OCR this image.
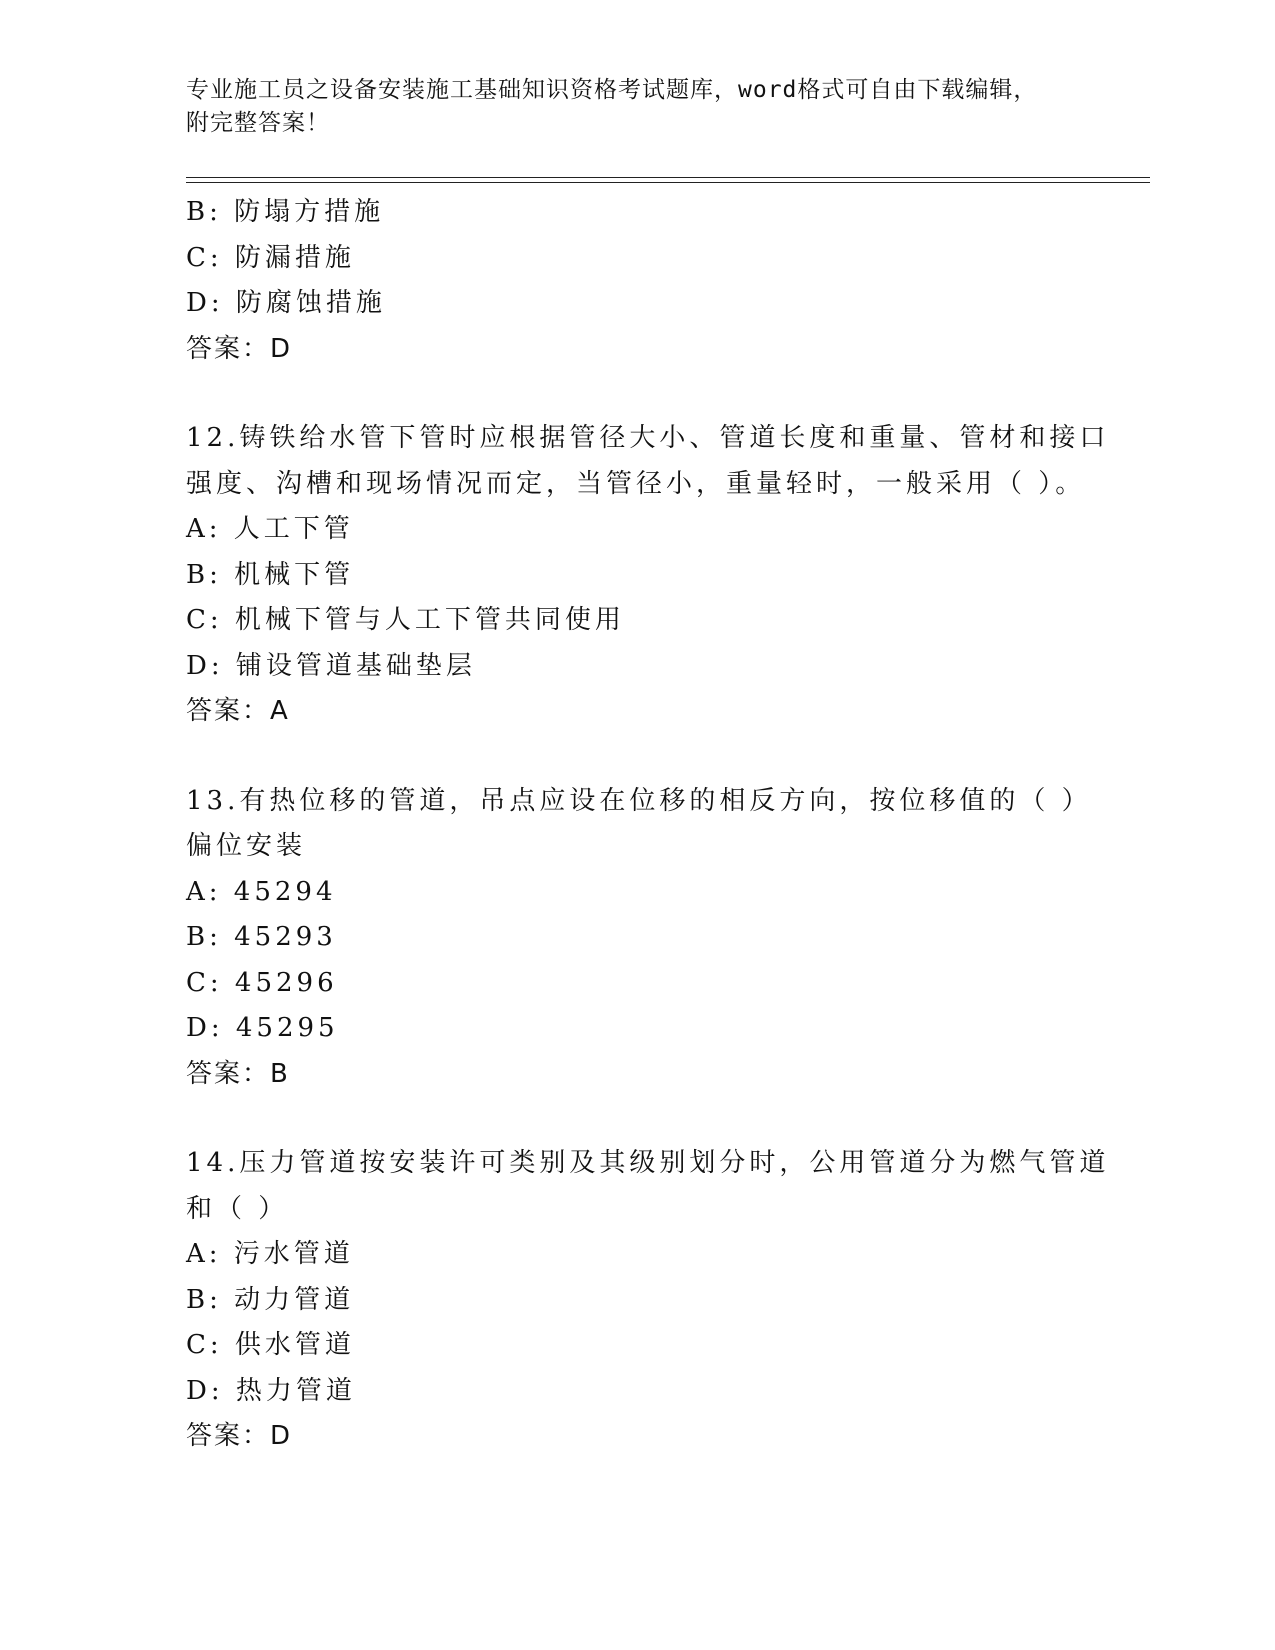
专业施工员之设备安装施工基础知识资格考试题库，word格式可自由下载编辑，
附完整答案！
B: 防塌方措施
C: 防漏措施
D: 防腐蚀措施
答案：D
12.铸铁给水管下管时应根据管径大小、管道长度和重量、管材和接口
强度、沟槽和现场情况而定，当管径小，重量轻时，一般采用（ ）。
A: 人工下管
B: 机械下管
C: 机械下管与人工下管共同使用
D: 铺设管道基础垫层
答案：A
13.有热位移的管道，吊点应设在位移的相反方向，按位移值的（ ）
偏位安装
A: 45294
B: 45293
C: 45296
D: 45295
答案：B
14.压力管道按安装许可类别及其级别划分时，公用管道分为燃气管道
和（ ）
A: 污水管道
B: 动力管道
C: 供水管道
D: 热力管道
答案：D
